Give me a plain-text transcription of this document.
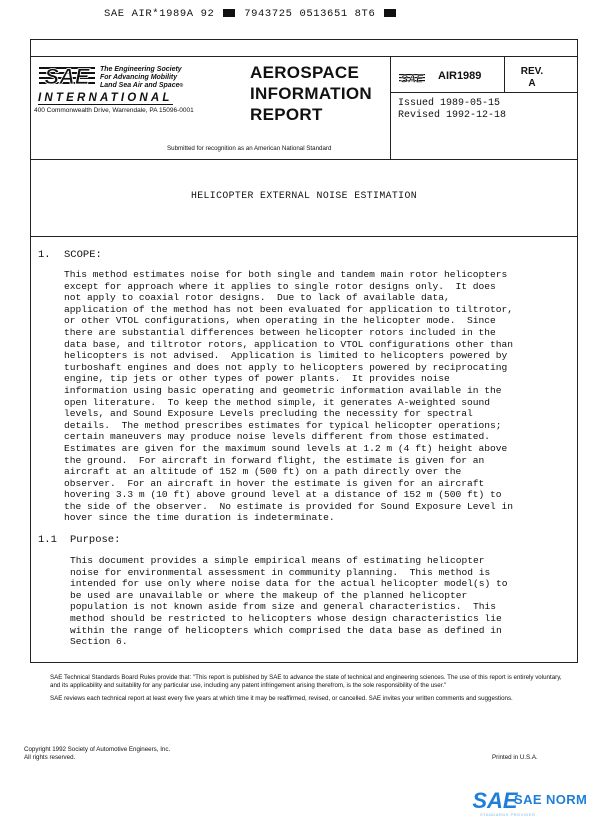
SAE AIR*1989A 92	7943725 0513651 8T6
SAE The Engineering Society
For Advancing Mobility
Land Sea Air and Space®
INTERNATIONAL
400 Commonwealth Drive, Warrendale, PA 15096-0001
AEROSPACE
INFORMATION
REPORT
SAE AIR1989	REV.
A
Issued 1989-05-15
Revised 1992-12-18
Submitted for recognition as an American National Standard
HELICOPTER EXTERNAL NOISE ESTIMATION
1. SCOPE:
This method estimates noise for both single and tandem main rotor helicopters
except for approach where it applies to single rotor designs only.  It does
not apply to coaxial rotor designs.  Due to lack of available data,
application of the method has not been evaluated for application to tiltrotor,
or other VTOL configurations, when operating in the helicopter mode.  Since
there are substantial differences between helicopter rotors included in the
data base, and tiltrotor rotors, application to VTOL configurations other than
helicopters is not advised.  Application is limited to helicopters powered by
turboshaft engines and does not apply to helicopters powered by reciprocating
engine, tip jets or other types of power plants.  It provides noise
information using basic operating and geometric information available in the
open literature.  To keep the method simple, it generates A-weighted sound
levels, and Sound Exposure Levels precluding the necessity for spectral
details.  The method prescribes estimates for typical helicopter operations;
certain maneuvers may produce noise levels different from those estimated.
Estimates are given for the maximum sound levels at 1.2 m (4 ft) height above
the ground.  For aircraft in forward flight, the estimate is given for an
aircraft at an altitude of 152 m (500 ft) on a path directly over the
observer.  For an aircraft in hover the estimate is given for an aircraft
hovering 3.3 m (10 ft) above ground level at a distance of 152 m (500 ft) to
the side of the observer.  No estimate is provided for Sound Exposure Level in
hover since the time duration is indeterminate.
1.1 Purpose:
This document provides a simple empirical means of estimating helicopter
noise for environmental assessment in community planning.  This method is
intended for use only where noise data for the actual helicopter model(s) to
be used are unavailable or where the makeup of the planned helicopter
population is not known aside from size and general characteristics.  This
method should be restricted to helicopters whose design characteristics lie
within the range of helicopters which comprised the data base as defined in
Section 6.

SAE Technical Standards Board Rules provide that: "This report is published by SAE to advance the state of technical and engineering sciences. The use of this report is entirely voluntary, and its applicability and suitability for any particular use, including any patent infringement arising therefrom, is the sole responsibility of the user."

SAE reviews each technical report at least every five years at which time it may be reaffirmed, revised, or cancelled. SAE invites your written comments and suggestions.

Copyright 1992 Society of Automotive Engineers, Inc.
All rights reserved.	Printed in U.S.A.
SAE
SAE NORM
STANDARDS PROVIDER
